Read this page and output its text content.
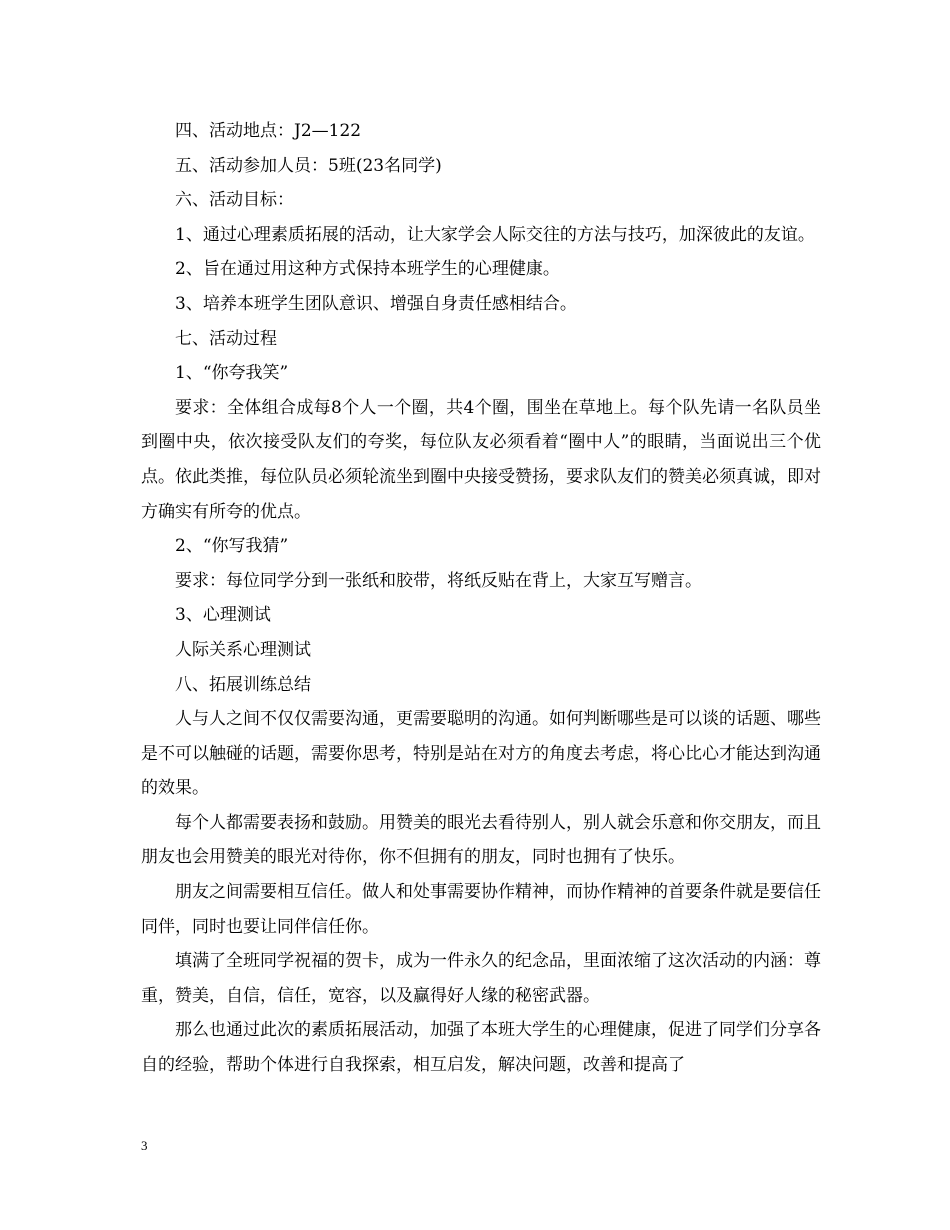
四、活动地点：J2—122

五、活动参加人员：5班(23名同学)

六、活动目标：

1、通过心理素质拓展的活动，让大家学会人际交往的方法与技巧，加深彼此的友谊。

2、旨在通过用这种方式保持本班学生的心理健康。

3、培养本班学生团队意识、增强自身责任感相结合。

七、活动过程

1、“你夸我笑”

要求：全体组合成每8个人一个圈，共4个圈，围坐在草地上。每个队先请一名队员坐到圈中央，依次接受队友们的夸奖，每位队友必须看着“圈中人”的眼睛，当面说出三个优点。依此类推，每位队员必须轮流坐到圈中央接受赞扬，要求队友们的赞美必须真诚，即对方确实有所夸的优点。

2、“你写我猜”

要求：每位同学分到一张纸和胶带，将纸反贴在背上，大家互写赠言。

3、心理测试

人际关系心理测试

八、拓展训练总结

人与人之间不仅仅需要沟通，更需要聪明的沟通。如何判断哪些是可以谈的话题、哪些是不可以触碰的话题，需要你思考，特别是站在对方的角度去考虑，将心比心才能达到沟通的效果。

每个人都需要表扬和鼓励。用赞美的眼光去看待别人，别人就会乐意和你交朋友，而且朋友也会用赞美的眼光对待你，你不但拥有的朋友，同时也拥有了快乐。

朋友之间需要相互信任。做人和处事需要协作精神，而协作精神的首要条件就是要信任同伴，同时也要让同伴信任你。

填满了全班同学祝福的贺卡，成为一件永久的纪念品，里面浓缩了这次活动的内涵：尊重，赞美，自信，信任，宽容，以及赢得好人缘的秘密武器。

那么也通过此次的素质拓展活动，加强了本班大学生的心理健康，促进了同学们分享各自的经验，帮助个体进行自我探索，相互启发，解决问题，改善和提高了

3
